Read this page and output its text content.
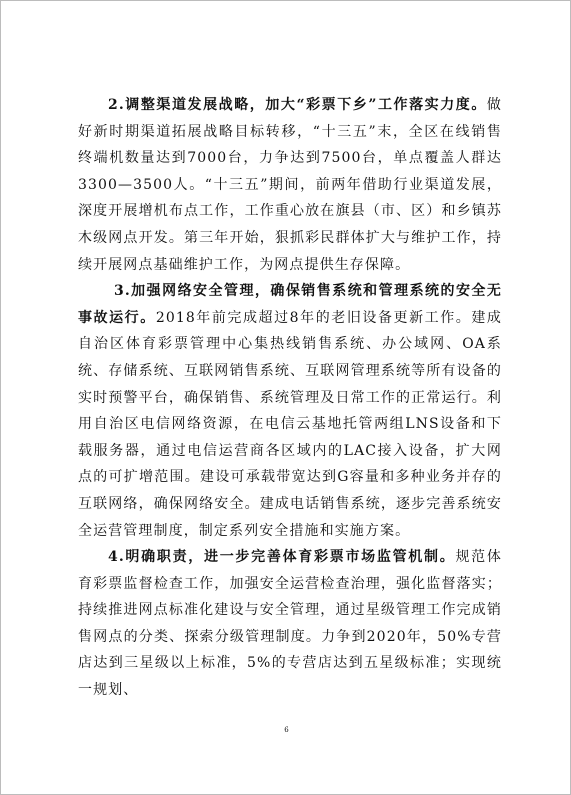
2.调整渠道发展战略，加大“彩票下乡”工作落实力度。做好新时期渠道拓展战略目标转移，“十三五”末，全区在线销售终端机数量达到7000台，力争达到7500台，单点覆盖人群达3300—3500人。“十三五”期间，前两年借助行业渠道发展，深度开展增机布点工作，工作重心放在旗县（市、区）和乡镇苏木级网点开发。第三年开始，狠抓彩民群体扩大与维护工作，持续开展网点基础维护工作，为网点提供生存保障。

3.加强网络安全管理，确保销售系统和管理系统的安全无事故运行。2018年前完成超过8年的老旧设备更新工作。建成自治区体育彩票管理中心集热线销售系统、办公域网、OA系统、存储系统、互联网销售系统、互联网管理系统等所有设备的实时预警平台，确保销售、系统管理及日常工作的正常运行。利用自治区电信网络资源，在电信云基地托管两组LNS设备和下载服务器，通过电信运营商各区域内的LAC接入设备，扩大网点的可扩增范围。建设可承载带宽达到G容量和多种业务并存的互联网络，确保网络安全。建成电话销售系统，逐步完善系统安全运营管理制度，制定系列安全措施和实施方案。

4.明确职责，进一步完善体育彩票市场监管机制。规范体育彩票监督检查工作，加强安全运营检查治理，强化监督落实；持续推进网点标准化建设与安全管理，通过星级管理工作完成销售网点的分类、探索分级管理制度。力争到2020年，50%专营店达到三星级以上标准，5%的专营店达到五星级标准；实现统一规划、

6
